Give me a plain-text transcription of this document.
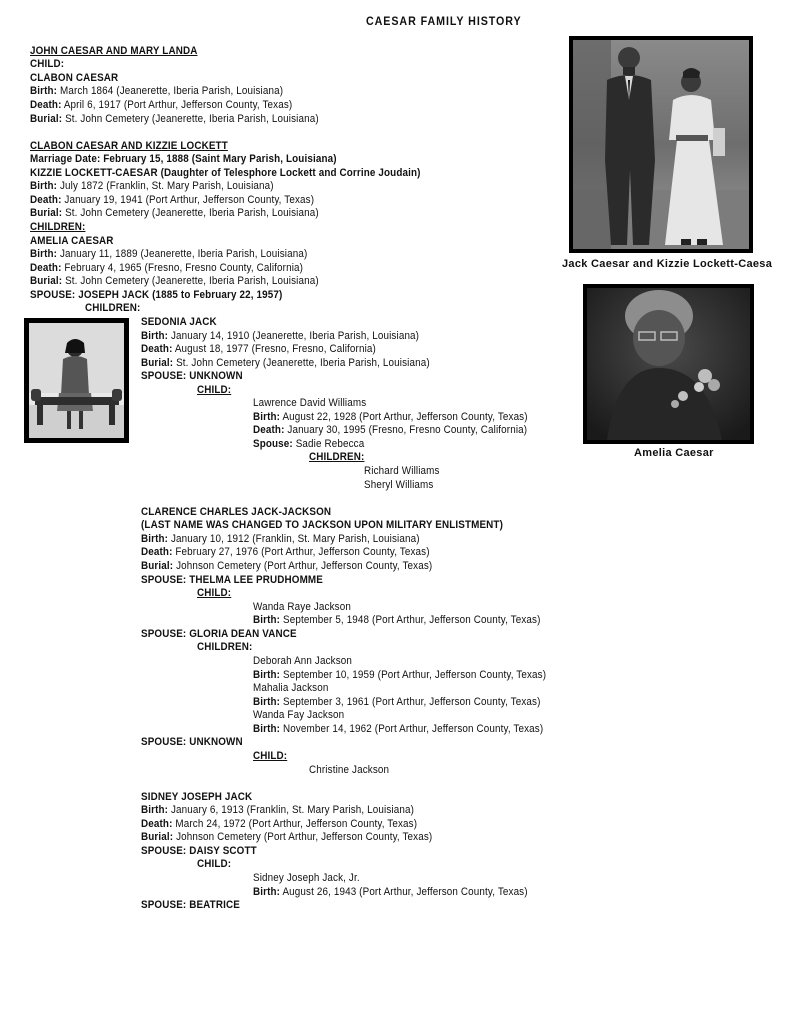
CAESAR FAMILY HISTORY
JOHN CAESAR AND MARY LANDA
CHILD:
CLABON CAESAR
Birth: March 1864 (Jeanerette, Iberia Parish, Louisiana)
Death: April 6, 1917 (Port Arthur, Jefferson County, Texas)
Burial: St. John Cemetery (Jeanerette, Iberia Parish, Louisiana)
CLABON CAESAR AND KIZZIE LOCKETT
Marriage Date: February 15, 1888 (Saint Mary Parish, Louisiana)
KIZZIE LOCKETT-CAESAR (Daughter of Telesphore Lockett and Corrine Joudain)
Birth: July 1872 (Franklin, St. Mary Parish, Louisiana)
Death: January 19, 1941 (Port Arthur, Jefferson County, Texas)
Burial: St. John Cemetery (Jeanerette, Iberia Parish, Louisiana)
CHILDREN:
AMELIA CAESAR
Birth: January 11, 1889 (Jeanerette, Iberia Parish, Louisiana)
Death: February 4, 1965 (Fresno, Fresno County, California)
Burial: St. John Cemetery (Jeanerette, Iberia Parish, Louisiana)
SPOUSE: JOSEPH JACK (1885 to February 22, 1957)
CHILDREN:
SEDONIA JACK
Birth: January 14, 1910 (Jeanerette, Iberia Parish, Louisiana)
Death: August 18, 1977 (Fresno, Fresno, California)
Burial: St. John Cemetery (Jeanerette, Iberia Parish, Louisiana)
SPOUSE: UNKNOWN
CHILD:
Lawrence David Williams
Birth: August 22, 1928 (Port Arthur, Jefferson County, Texas)
Death: January 30, 1995 (Fresno, Fresno County, California)
Spouse: Sadie Rebecca
CHILDREN:
Richard Williams
Sheryl Williams
CLARENCE CHARLES JACK-JACKSON
(LAST NAME WAS CHANGED TO JACKSON UPON MILITARY ENLISTMENT)
Birth: January 10, 1912 (Franklin, St. Mary Parish, Louisiana)
Death: February 27, 1976 (Port Arthur, Jefferson County, Texas)
Burial: Johnson Cemetery (Port Arthur, Jefferson County, Texas)
SPOUSE: THELMA LEE PRUDHOMME
CHILD:
Wanda Raye Jackson
Birth: September 5, 1948 (Port Arthur, Jefferson County, Texas)
SPOUSE: GLORIA DEAN VANCE
CHILDREN:
Deborah Ann Jackson
Birth: September 10, 1959 (Port Arthur, Jefferson County, Texas)
Mahalia Jackson
Birth: September 3, 1961 (Port Arthur, Jefferson County, Texas)
Wanda Fay Jackson
Birth: November 14, 1962 (Port Arthur, Jefferson County, Texas)
SPOUSE: UNKNOWN
CHILD:
Christine Jackson
SIDNEY JOSEPH JACK
Birth: January 6, 1913 (Franklin, St. Mary Parish, Louisiana)
Death: March 24, 1972 (Port Arthur, Jefferson County, Texas)
Burial: Johnson Cemetery (Port Arthur, Jefferson County, Texas)
SPOUSE: DAISY SCOTT
CHILD:
Sidney Joseph Jack, Jr.
Birth: August 26, 1943 (Port Arthur, Jefferson County, Texas)
SPOUSE: BEATRICE
Jack Caesar and Kizzie Lockett-Caesa
Amelia Caesar
